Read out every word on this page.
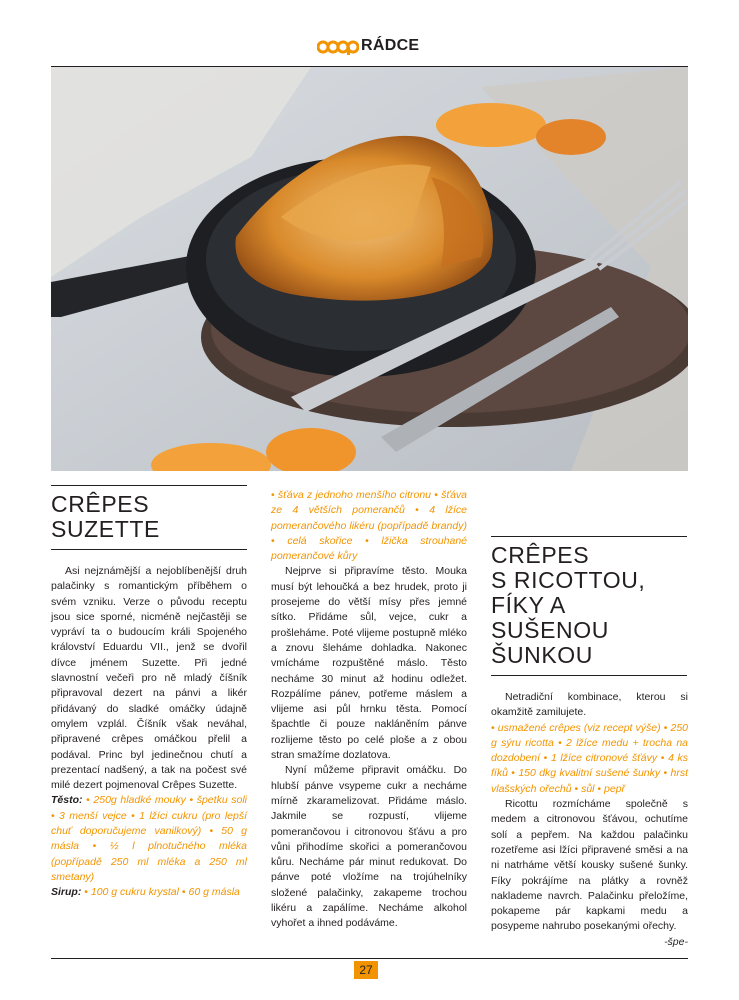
RÁDCE
CRÊPES
SUZETTE

Asi nejznámější a nejoblíbenější druh palačinky s romantickým příběhem o svém vzniku. Verze o původu receptu jsou sice sporné, nicméně nejčastěji se vypráví ta o budoucím králi Spojeného království Eduardu VII., jenž se dvořil dívce jménem Suzette. Při jedné slavnostní večeři pro ně mladý číšník připravoval dezert na pánvi a likér přidávaný do sladké omáčky údajně omylem vzplál. Číšník však neváhal, připravené crêpes omáčkou přelil a podával. Princ byl jedinečnou chutí a prezentací nadšený, a tak na počest své milé dezert pojmenoval Crêpes Suzette.

Těsto: • 250g hladké mouky • špetku soli • 3 menší vejce • 1 lžíci cukru (pro lepší chuť doporučujeme vanilkový) • 50 g másla • ½ l plnotučného mléka (popřípadě 250 ml mléka a 250 ml smetany)

Sirup: • 100 g cukru krystal • 60 g másla

• šťáva z jednoho menšího citronu • šťáva ze 4 větších pomerančů • 4 lžíce pomerančového likéru (popřípadě brandy) • celá skořice • lžička strouhané pomerančové kůry

Nejprve si připravíme těsto. Mouka musí být lehoučká a bez hrudek, proto ji prosejeme do větší mísy přes jemné sítko. Přidáme sůl, vejce, cukr a prošleháme. Poté vlijeme postupně mléko a znovu šleháme dohladka. Nakonec vmícháme rozpuštěné máslo. Těsto necháme 30 minut až hodinu odležet. Rozpálíme pánev, potřeme máslem a vlijeme asi půl hrnku těsta. Pomocí špachtle či pouze nakláněním pánve rozlijeme těsto po celé ploše a z obou stran smažíme dozlatova.

Nyní můžeme připravit omáčku. Do hlubší pánve vsypeme cukr a necháme mírně zkaramelizovat. Přidáme máslo. Jakmile se rozpustí, vlijeme pomerančovou i citronovou šťávu a pro vůni přihodíme skořici a pomerančovou kůru. Necháme pár minut redukovat. Do pánve poté vložíme na trojúhelníky složené palačinky, zakapeme trochou likéru a zapálíme. Necháme alkohol vyhořet a ihned podáváme.

CRÊPES
S RICOTTOU,
FÍKY A SUŠENOU
ŠUNKOU

Netradiční kombinace, kterou si okamžitě zamilujete.

• usmažené crêpes (viz recept výše) • 250 g sýru ricotta • 2 lžíce medu + trocha na dozdobení • 1 lžíce citronové šťávy • 4 ks fíků • 150 dkg kvalitní sušené šunky • hrst vlašských ořechů • sůl • pepř

Ricottu rozmícháme společně s medem a citronovou šťávou, ochutíme solí a pepřem. Na každou palačinku rozetřeme asi lžíci připravené směsi a na ni natrháme větší kousky sušené šunky. Fíky pokrájíme na plátky a rovněž naklademe navrch. Palačinku přeložíme, pokapeme pár kapkami medu a posypeme nahrubo posekanými ořechy.

-špe-

27
